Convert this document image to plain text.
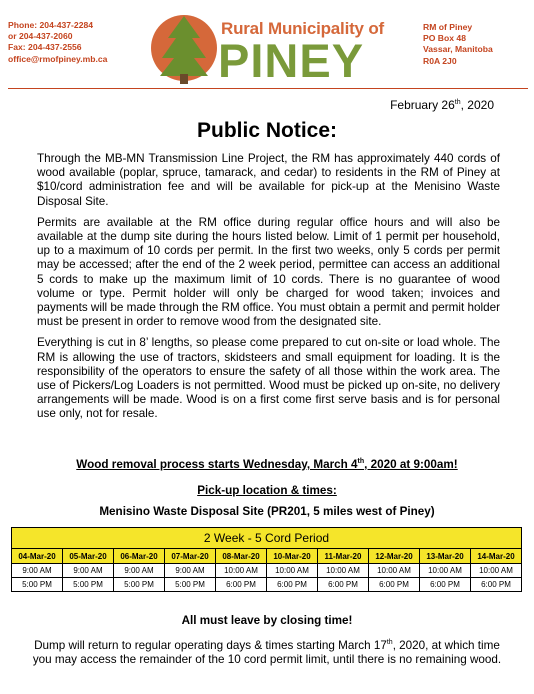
Phone: 204-437-2284
or 204-437-2060
Fax: 204-437-2556
office@rmofpiney.mb.ca
Rural Municipality of
PINEY
RM of Piney
PO Box 48
Vassar, Manitoba
R0A 2J0
February 26th, 2020
Public Notice:

Through the MB-MN Transmission Line Project, the RM has approximately 440 cords of wood available (poplar, spruce, tamarack, and cedar) to residents in the RM of Piney at $10/cord administration fee and will be available for pick-up at the Menisino Waste Disposal Site.

Permits are available at the RM office during regular office hours and will also be available at the dump site during the hours listed below. Limit of 1 permit per household, up to a maximum of 10 cords per permit. In the first two weeks, only 5 cords per permit may be accessed; after the end of the 2 week period, permittee can access an additional 5 cords to make up the maximum limit of 10 cords. There is no guarantee of wood volume or type. Permit holder will only be charged for wood taken; invoices and payments will be made through the RM office. You must obtain a permit and permit holder must be present in order to remove wood from the designated site.

Everything is cut in 8’ lengths, so please come prepared to cut on-site or load whole. The RM is allowing the use of tractors, skidsteers and small equipment for loading. It is the responsibility of the operators to ensure the safety of all those within the work area. The use of Pickers/Log Loaders is not permitted. Wood must be picked up on-site, no delivery arrangements will be made. Wood is on a first come first serve basis and is for personal use only, not for resale.

Wood removal process starts Wednesday, March 4th, 2020 at 9:00am!
Pick-up location & times:
Menisino Waste Disposal Site (PR201, 5 miles west of Piney)
2 Week - 5 Cord Period									
04-Mar-20	05-Mar-20	06-Mar-20	07-Mar-20	08-Mar-20	10-Mar-20	11-Mar-20	12-Mar-20	13-Mar-20	14-Mar-20
9:00 AM	9:00 AM	9:00 AM	9:00 AM	10:00 AM	10:00 AM	10:00 AM	10:00 AM	10:00 AM	10:00 AM
5:00 PM	5:00 PM	5:00 PM	5:00 PM	6:00 PM	6:00 PM	6:00 PM	6:00 PM	6:00 PM	6:00 PM
All must leave by closing time!
Dump will return to regular operating days & times starting March 17th, 2020, at which time you may access the remainder of the 10 cord permit limit, until there is no remaining wood.
